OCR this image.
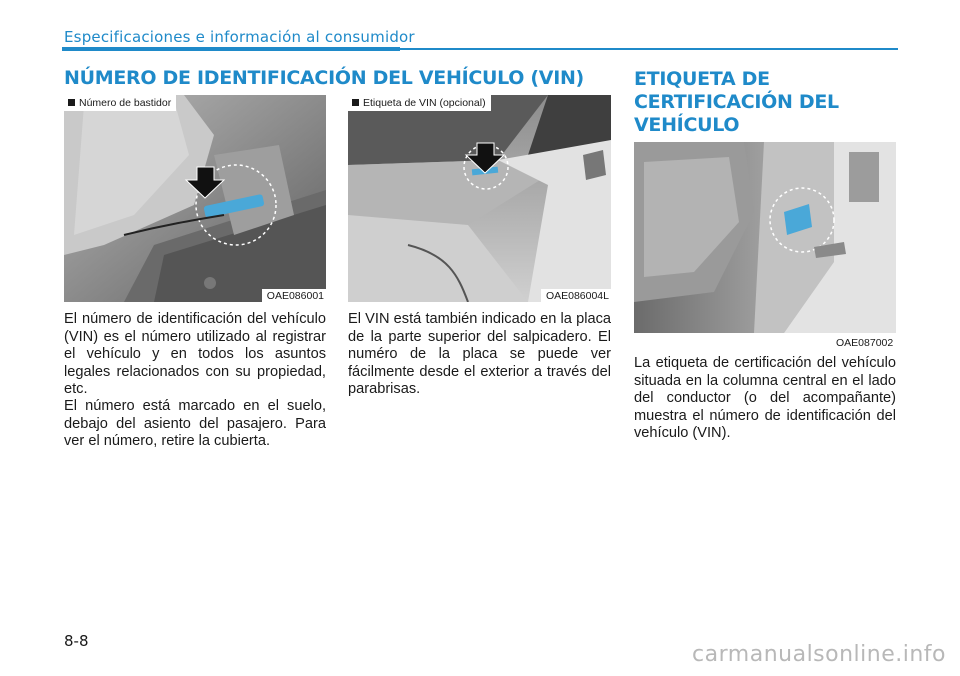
Especificaciones e información al consumidor
NÚMERO DE IDENTIFICACIÓN DEL VEHÍCULO (VIN)	ETIQUETA DE CERTIFICACIÓN DEL VEHÍCULO
Número de bastidor
OAE086001
Etiqueta de VIN (opcional)
OAE086004L
OAE087002

El número de identificación del vehículo (VIN) es el número utilizado al registrar el vehículo y en todos los asuntos legales relacionados con su propiedad, etc.

El número está marcado en el suelo, debajo del asiento del pasajero. Para ver el número, retire la cubierta.

El VIN está también indicado en la placa de la parte superior del salpicadero. El numéro de la placa se puede ver fácilmente desde el exterior a través del parabrisas.

La etiqueta de certificación del vehículo situada en la columna central en el lado del conductor (o del acompañante) muestra el número de identificación del vehículo (VIN).

8-8
carmanualsonline.info
